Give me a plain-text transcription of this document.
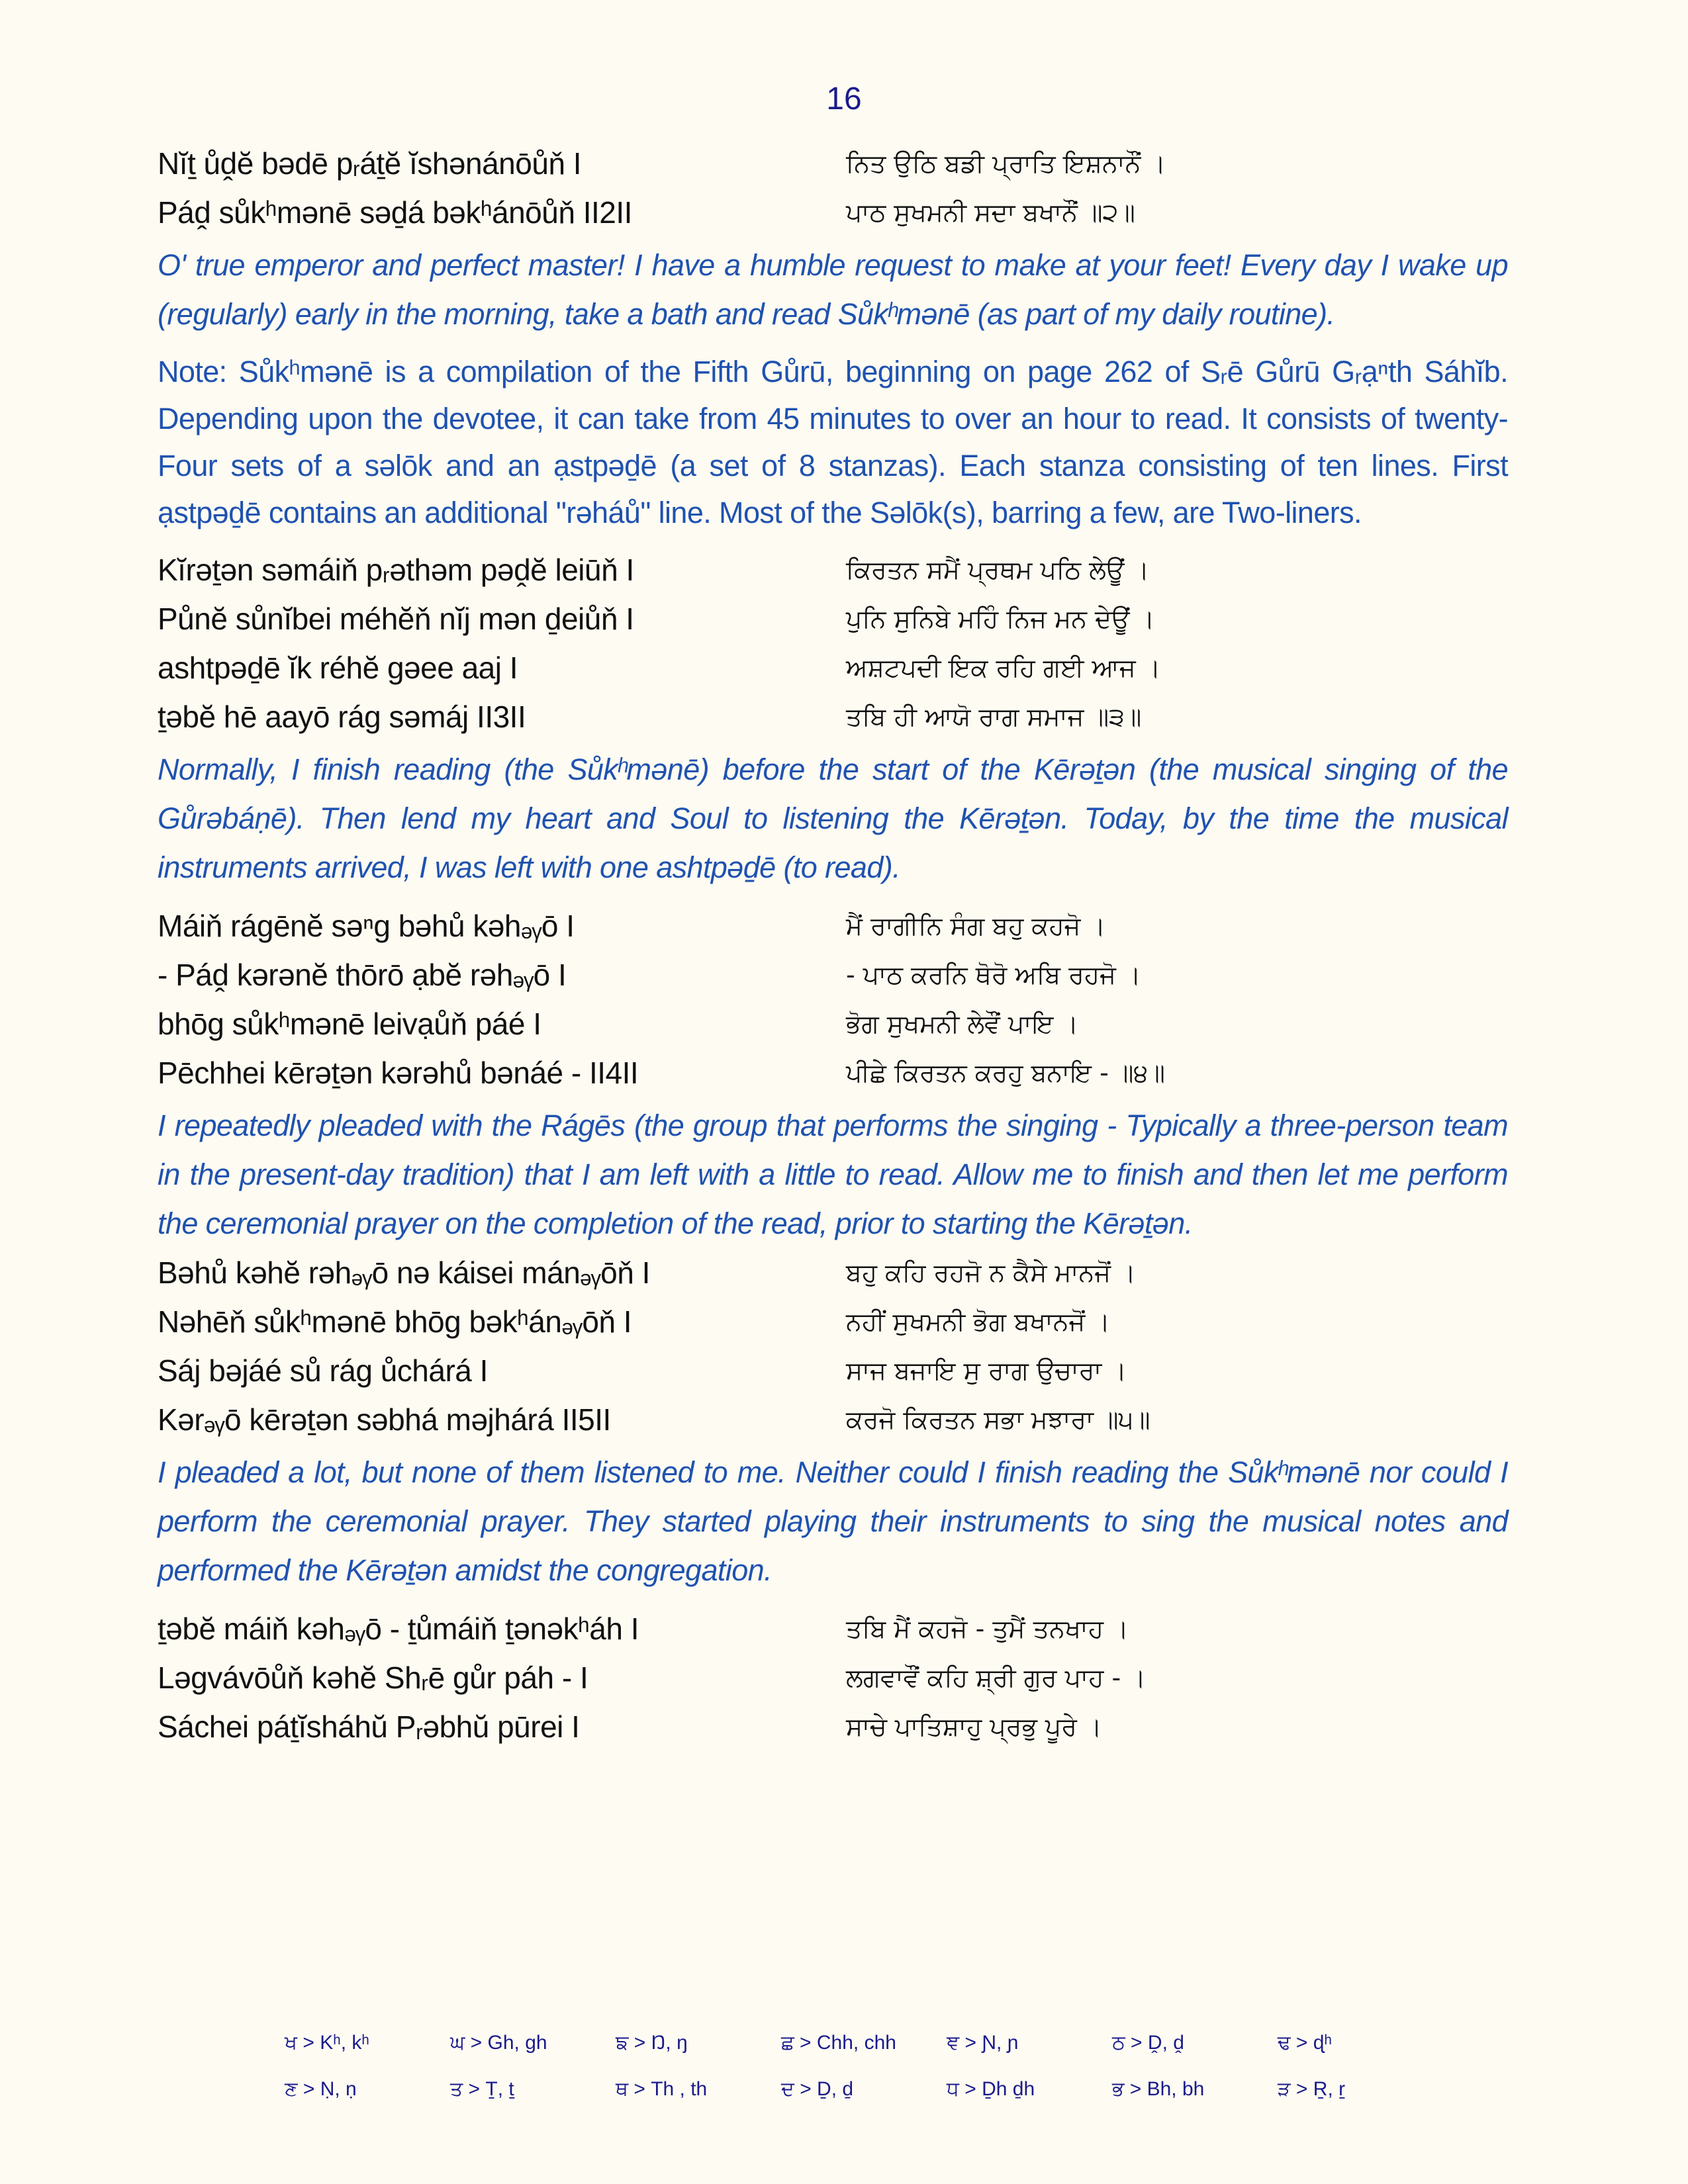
16
Nĭṯ ůḓĕ bədē pᵣáṯĕ ĭshənánōůň I	ਨਿਤ ਉਠਿ ਬਡੀ ਪ੍ਰਾਤਿ ਇਸ਼ਨਾਨੌਂ ।
Páḓ sůkʰmənē səḏá bəkʰánōůň II2II	ਪਾਠ ਸੁਖਮਨੀ ਸਦਾ ਬਖਾਨੌਂ ॥੨॥

O' true emperor and perfect master! I have a humble request to make at your feet! Every day I wake up (regularly) early in the morning, take a bath and read Sůkʰmənē (as part of my daily routine).

Note: Sůkʰmənē is a compilation of the Fifth Gůrū, beginning on page 262 of Sᵣē Gůrū Gᵣạⁿth Sáhĭb. Depending upon the devotee, it can take from 45 minutes to over an hour to read. It consists of twenty-Four sets of a səlōk and an ạstpəḏē (a set of 8 stanzas). Each stanza consisting of ten lines. First ạstpəḏē contains an additional "rəháů" line. Most of the Səlōk(s), barring a few, are Two-liners.

Kĭrəṯən səmáiň pᵣəthəm pəḓĕ leiūň I	ਕਿਰਤਨ ਸਮੈਂ ਪ੍ਰਥਮ ਪਠਿ ਲੇਊਂ ।
Půnĕ sůnĭbei méhĕň nĭj mən ḏeiůň I	ਪੁਨਿ ਸੁਨਿਬੇ ਮਹਿੰ ਨਿਜ ਮਨ ਦੇਊਂ ।
ashtpəḏē ĭk réhĕ gəee aaj I	ਅਸ਼ਟਪਦੀ ਇਕ ਰਹਿ ਗਈ ਆਜ ।
ṯəbĕ hē aayō rág səmáj II3II	ਤਬਿ ਹੀ ਆਯੋ ਰਾਗ ਸਮਾਜ ॥੩॥

Normally, I finish reading (the Sůkʰmənē) before the start of the Kērəṯən (the musical singing of the Gůrəbáṇē). Then lend my heart and Soul to listening the Kērəṯən. Today, by the time the musical instruments arrived, I was left with one ashtpəḏē (to read).

Máiň rágēnĕ səⁿg bəhů kəhₔᵧō I	ਮੈਂ ਰਾਗੀਨਿ ਸੰਗ ਬਹੁ ਕਹਜੋ ।
- Páḓ kərənĕ thōrō ạbĕ rəhₔᵧō I	- ਪਾਠ ਕਰਨਿ ਥੋਰੋ ਅਬਿ ਰਹਜੋ ।
bhōg sůkʰmənē leivạůň páé I	ਭੋਗ ਸੁਖਮਨੀ ਲੇਵੌਂ ਪਾਇ ।
Pēchhei kērəṯən kərəhů bənáé - II4II	ਪੀਛੇ ਕਿਰਤਨ ਕਰਹੁ ਬਨਾਇ - ॥੪॥

I repeatedly pleaded with the Rágēs (the group that performs the singing - Typically a three-person team in the present-day tradition) that I am left with a little to read. Allow me to finish and then let me perform the ceremonial prayer on the completion of the read, prior to starting the Kērəṯən.

Bəhů kəhĕ rəhₔᵧō nə káisei mánₔᵧōň I	ਬਹੁ ਕਹਿ ਰਹਜੋ ਨ ਕੈਸੇ ਮਾਨਜੋਂ ।
Nəhēň sůkʰmənē bhōg bəkʰánₔᵧōň I	ਨਹੀਂ ਸੁਖਮਨੀ ਭੋਗ ਬਖਾਨਜੋਂ ।
Sáj bəjáé sů rág ůchárá I	ਸਾਜ ਬਜਾਇ ਸੁ ਰਾਗ ਉਚਾਰਾ ।
Kərₔᵧō kērəṯən səbhá məjhárá II5II	ਕਰਜੋ ਕਿਰਤਨ ਸਭਾ ਮਝਾਰਾ ॥੫॥

I pleaded a lot, but none of them listened to me. Neither could I finish reading the Sůkʰmənē nor could I perform the ceremonial prayer. They started playing their instruments to sing the musical notes and performed the Kērəṯən amidst the congregation.

ṯəbĕ máiň kəhₔᵧō - ṯůmáiň ṯənəkʰáh I	ਤਬਿ ਮੈਂ ਕਹਜੋ - ਤੁਮੈਂ ਤਨਖਾਹ ।
Ləgvávōůň kəhĕ Shᵣē gůr páh - I	ਲਗਵਾਵੌਂ ਕਹਿ ਸ਼੍ਰੀ ਗੁਰ ਪਾਹ - ।
Sáchei páṯĭsháhŭ Pᵣəbhŭ pūrei I	ਸਾਚੇ ਪਾਤਿਸ਼ਾਹੁ ਪ੍ਰਭੁ ਪੂਰੇ ।
ਖ > Kʰ, kʰ	ਘ > Gh, gh	ਙ > Ŋ, ŋ	ਛ > Chh, chh	ਞ > Ɲ, ɲ	ਠ > Ḓ, ḓ	ਢ > ɖʰ
ਣ > Ṇ, ṇ	ਤ > Ṯ, ṯ	ਥ > Th , th	ਦ > Ḏ, ḏ	ਧ > Ḏh ḏh	ਭ > Bh, bh	ੜ > Ṟ, ṟ
